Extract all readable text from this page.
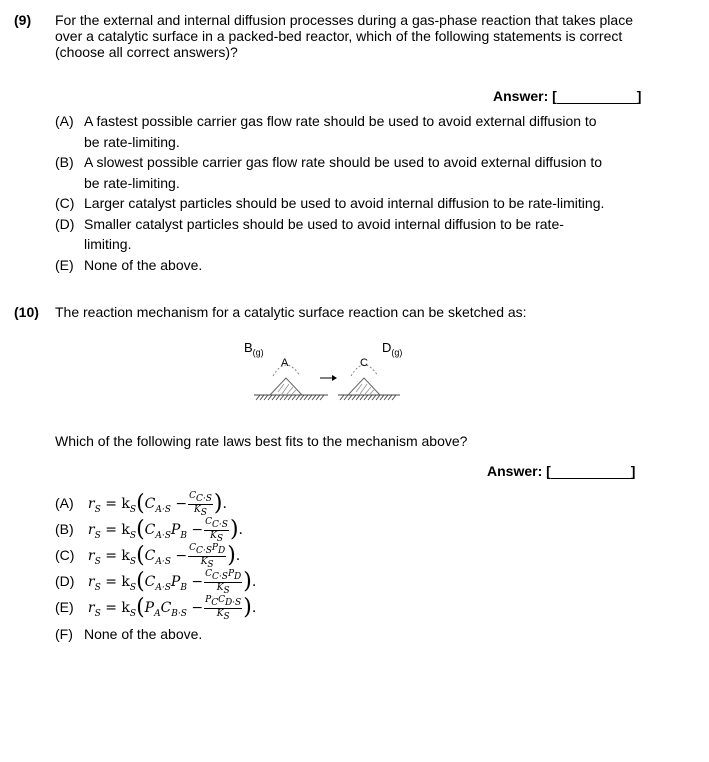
(9) For the external and internal diffusion processes during a gas-phase reaction that takes place over a catalytic surface in a packed-bed reactor, which of the following statements is correct (choose all correct answers)?
Answer: [	]
(A) A fastest possible carrier gas flow rate should be used to avoid external diffusion to
be rate-limiting.
(B) A slowest possible carrier gas flow rate should be used to avoid external diffusion to
be rate-limiting.
(C) Larger catalyst particles should be used to avoid internal diffusion to be rate-limiting.
(D) Smaller catalyst particles should be used to avoid internal diffusion to be rate-
limiting.
(E) None of the above.
(10) The reaction mechanism for a catalytic surface reaction can be sketched as:
$B_{(g)}$	$D_{(g)}$
A	C
Which of the following rate laws best fits to the mechanism above?
Answer: [	]
(A) $r_S = k_S(C_{A\cdot S} - \frac{C_{C\cdot S}}{K_S}$ ).
(B) $r_S = k_S(C_{A\cdot S}P_B - \frac{C_{C\cdot S}}{K_S}$ ).
(C) $r_S = k_S(C_{A\cdot S} - \frac{C_{C\cdot S}P_D}{K_S}$ ).
(D) $r_S = k_S(C_{A\cdot S}P_B - \frac{C_{C\cdot S}P_D}{K_S}$ ).
(E) $r_S = k_S(P_AC_{B\cdot S} - \frac{P_CC_{D\cdot S}}{K_S}$ ).
(F) None of the above.
